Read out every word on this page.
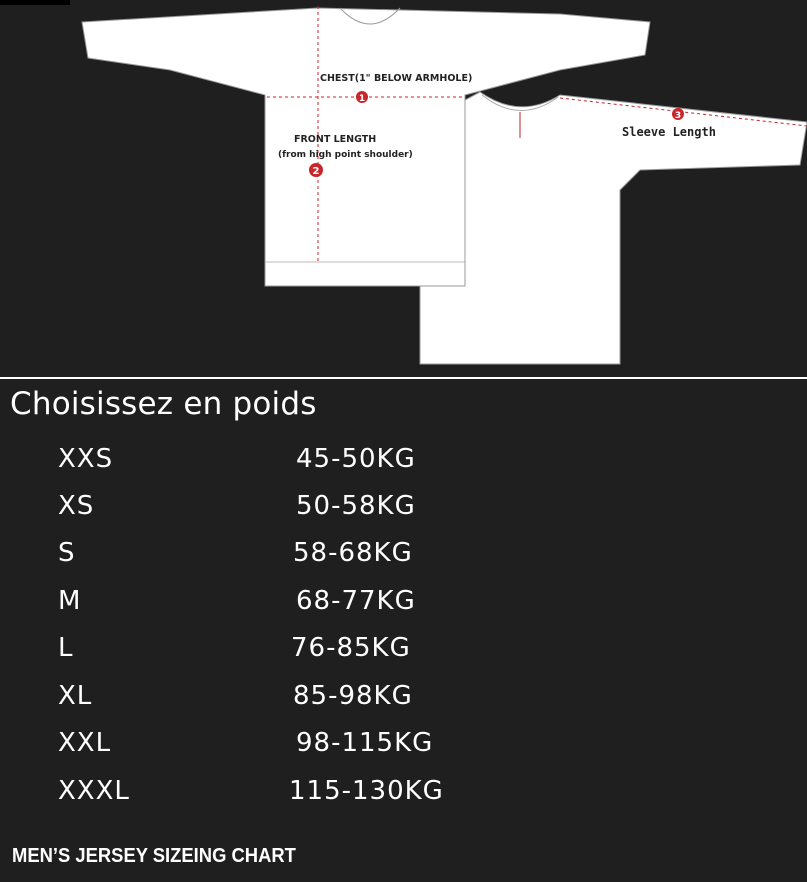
1
2
3
CHEST(1" BELOW ARMHOLE)
FRONT LENGTH
(from high point shoulder)
Sleeve Length
Choisissez en poids
XXS	45-50KG
XS	50-58KG
S	58-68KG
M	68-77KG
L	76-85KG
XL	85-98KG
XXL	98-115KG
XXXL	115-130KG
MEN’S JERSEY SIZEING CHART
